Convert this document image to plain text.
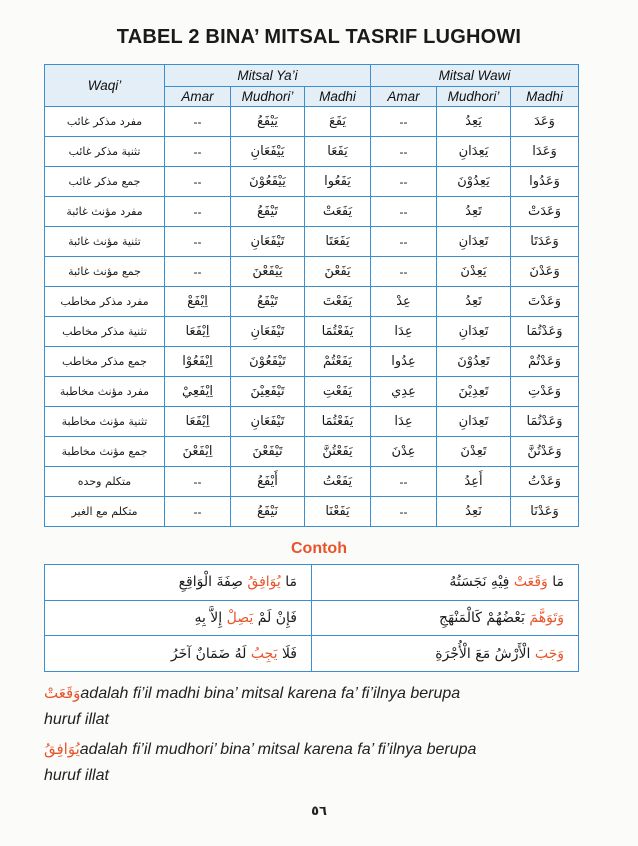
TABEL 2 BINA’ MITSAL TASRIF LUGHOWI
Waqi’	Mitsal Ya’i			Mitsal Wawi		
	Amar	Mudhori’	Madhi	Amar	Mudhori’	Madhi
مفرد مذكر غائب	--	يَيْفَعُ	يَفَعَ	--	يَعِدُ	وَعَدَ
تثنية مذكر غائب	--	يَيْفَعَانِ	يَفَعَا	--	يَعِدَانِ	وَعَدَا
جمع مذكر غائب	--	يَيْفَعُوْنَ	يَفَعُوا	--	يَعِدُوْنَ	وَعَدُوا
مفرد مؤنث غائبة	--	تَيْفَعُ	يَفَعَتْ	--	تَعِدُ	وَعَدَتْ
تثنية مؤنث غائبة	--	تَيْفَعَانِ	يَفَعَتَا	--	تَعِدَانِ	وَعَدَتَا
جمع مؤنث غائبة	--	يَيْفَعْنَ	يَفَعْنَ	--	يَعِدْنَ	وَعَدْنَ
مفرد مذكر مخاطب	اِيْفَعْ	تَيْفَعُ	يَفَعْتَ	عِدْ	تَعِدُ	وَعَدْتَ
تثنية مذكر مخاطب	اِيْفَعَا	تَيْفَعَانِ	يَفَعْتُمَا	عِدَا	تَعِدَانِ	وَعَدْتُمَا
جمع مذكر مخاطب	اِيْفَعُوْا	تَيْفَعُوْنَ	يَفَعْتُمْ	عِدُوا	تَعِدُوْنَ	وَعَدْتُمْ
مفرد مؤنث مخاطبة	اِيْفَعِيْ	تَيْفَعِيْنَ	يَفَعْتِ	عِدِي	تَعِدِيْنَ	وَعَدْتِ
تثنية مؤنث مخاطبة	اِيْفَعَا	تَيْفَعَانِ	يَفَعْتُمَا	عِدَا	تَعِدَانِ	وَعَدْتُمَا
جمع مؤنث مخاطبة	اِيْفَعْنَ	تَيْفَعْنَ	يَفَعْتُنَّ	عِدْنَ	تَعِدْنَ	وَعَدْتُنَّ
متكلم وحده	--	أَيْفَعُ	يَفَعْتُ	--	أَعِدُ	وَعَدْتُ
متكلم مع الغير	--	نَيْفَعُ	يَفَعْنَا	--	نَعِدُ	وَعَدْنَا
Contoh
مَا يُوَافِقُ صِفَةَ الْوَاقِعِ	مَا وَقَعَتْ فِيْهِ نَجَسَتُهُ
فَإِنْ لَمْ يَصِلْ إِلاَّ بِهِ	وَتَوَهَّمَ بَعْضُهُمْ كَالْمَنْهَجِ
فَلَا يَجِبُ لَهُ ضَمَانٌ آخَرُ	وَجَبَ الْأَرْشُ مَعَ الْأُجْرَةِ
وَقَعَتْadalah fi’il madhi bina’ mitsal karena fa’ fi’ilnya berupa
huruf illat
يُوَافِقُadalah fi’il mudhori’ bina’ mitsal karena fa’ fi’ilnya berupa
huruf illat
٥٦
